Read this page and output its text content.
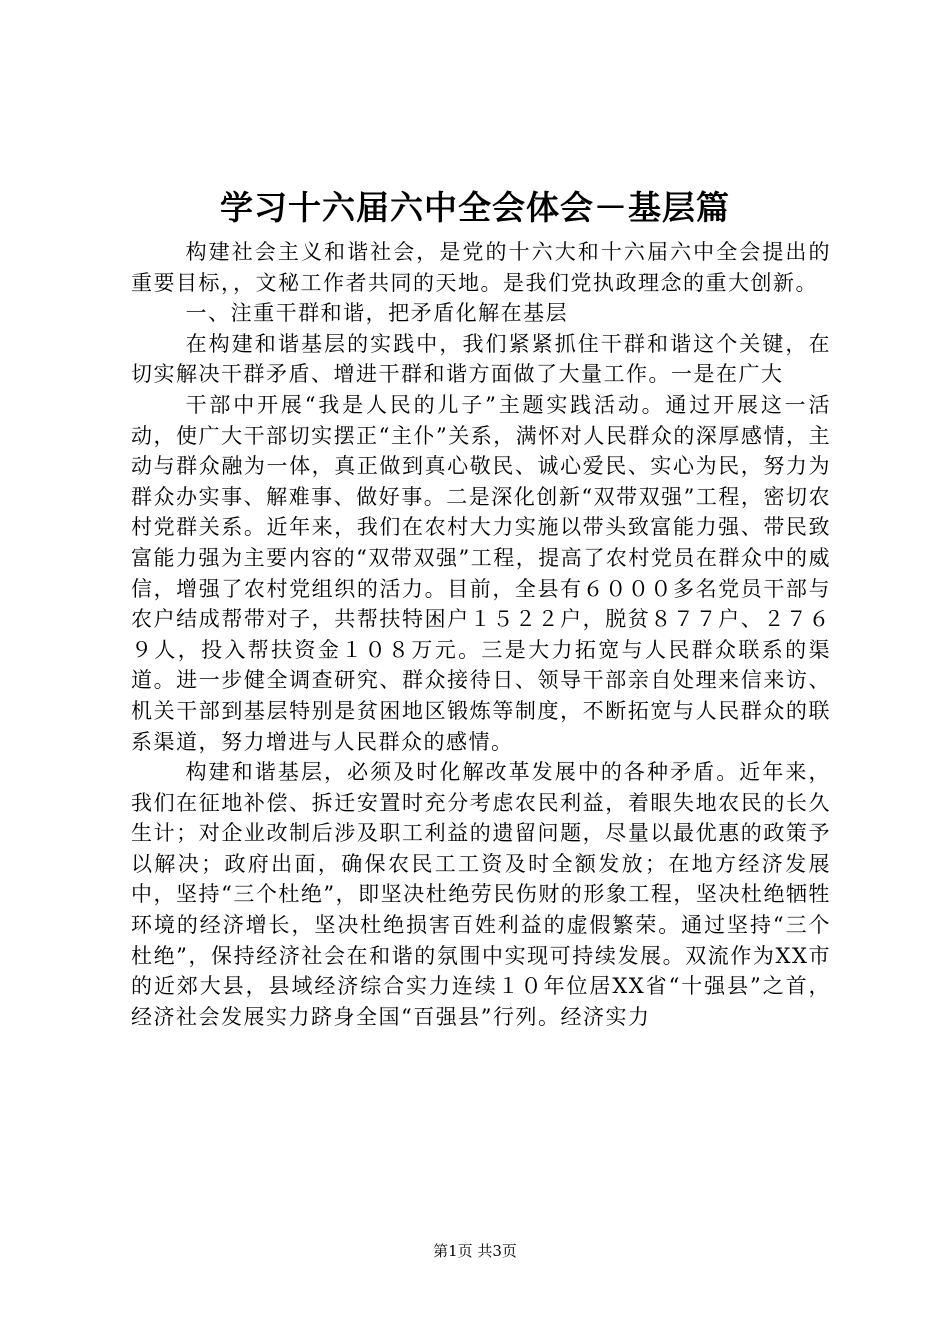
学习十六届六中全会体会－基层篇

构建社会主义和谐社会，是党的十六大和十六届六中全会提出的重要目标，，文秘工作者共同的天地。是我们党执政理念的重大创新。

一、注重干群和谐，把矛盾化解在基层

在构建和谐基层的实践中，我们紧紧抓住干群和谐这个关键，在切实解决干群矛盾、增进干群和谐方面做了大量工作。一是在广大

干部中开展“我是人民的儿子”主题实践活动。通过开展这一活动，使广大干部切实摆正“主仆”关系，满怀对人民群众的深厚感情，主动与群众融为一体，真正做到真心敬民、诚心爱民、实心为民，努力为群众办实事、解难事、做好事。二是深化创新“双带双强”工程，密切农村党群关系。近年来，我们在农村大力实施以带头致富能力强、带民致富能力强为主要内容的“双带双强”工程，提高了农村党员在群众中的威信，增强了农村党组织的活力。目前，全县有６０００多名党员干部与农户结成帮带对子，共帮扶特困户１５２２户，脱贫８７７户、２７６９人，投入帮扶资金１０８万元。三是大力拓宽与人民群众联系的渠道。进一步健全调查研究、群众接待日、领导干部亲自处理来信来访、机关干部到基层特别是贫困地区锻炼等制度，不断拓宽与人民群众的联系渠道，努力增进与人民群众的感情。

构建和谐基层，必须及时化解改革发展中的各种矛盾。近年来，我们在征地补偿、拆迁安置时充分考虑农民利益，着眼失地农民的长久生计；对企业改制后涉及职工利益的遗留问题，尽量以最优惠的政策予以解决；政府出面，确保农民工工资及时全额发放；在地方经济发展中，坚持“三个杜绝”，即坚决杜绝劳民伤财的形象工程，坚决杜绝牺牲环境的经济增长，坚决杜绝损害百姓利益的虚假繁荣。通过坚持“三个杜绝”，保持经济社会在和谐的氛围中实现可持续发展。双流作为XX市的近郊大县，县域经济综合实力连续１０年位居XX省“十强县”之首，经济社会发展实力跻身全国“百强县”行列。经济实力

第1页 共3页
